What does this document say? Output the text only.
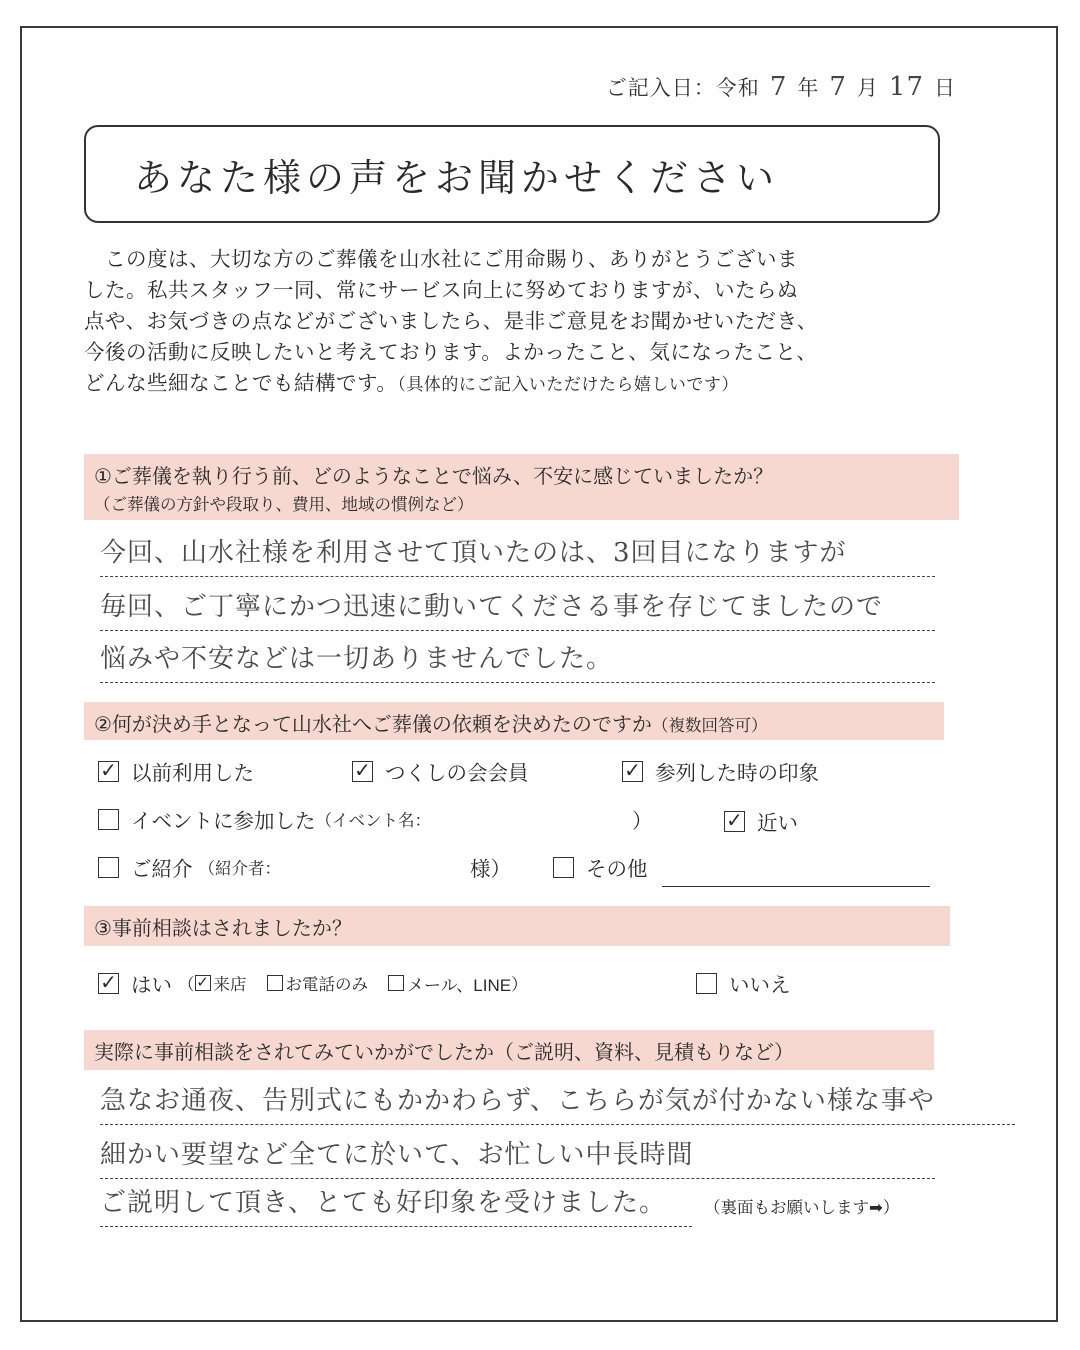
ご記入日：令和 7 年 7 月 17 日
あなた様の声をお聞かせください
　この度は、大切な方のご葬儀を山水社にご用命賜り、ありがとうございま
した。私共スタッフ一同、常にサービス向上に努めておりますが、いたらぬ
点や、お気づきの点などがございましたら、是非ご意見をお聞かせいただき、
今後の活動に反映したいと考えております。よかったこと、気になったこと、
どんな些細なことでも結構です。（具体的にご記入いただけたら嬉しいです）
①ご葬儀を執り行う前、どのようなことで悩み、不安に感じていましたか？
（ご葬儀の方針や段取り、費用、地域の慣例など）
今回、山水社様を利用させて頂いたのは、3回目になりますが
毎回、ご丁寧にかつ迅速に動いてくださる事を存じてましたので
悩みや不安などは一切ありませんでした。
②何が決め手となって山水社へご葬儀の依頼を決めたのですか（複数回答可）
✓ 以前利用した	✓ つくしの会会員	✓ 参列した時の印象
イベントに参加した （イベント名：	）	✓ 近い
ご紹介 （紹介者：	様）	その他
③事前相談はされましたか？
✓ はい （ ✓ 来店 お電話のみ メール、LINE ）	いいえ
実際に事前相談をされてみていかがでしたか（ご説明、資料、見積もりなど）
急なお通夜、告別式にもかかわらず、こちらが気が付かない様な事や
細かい要望など全てに於いて、お忙しい中長時間
ご説明して頂き、とても好印象を受けました。	（裏面もお願いします➡）
